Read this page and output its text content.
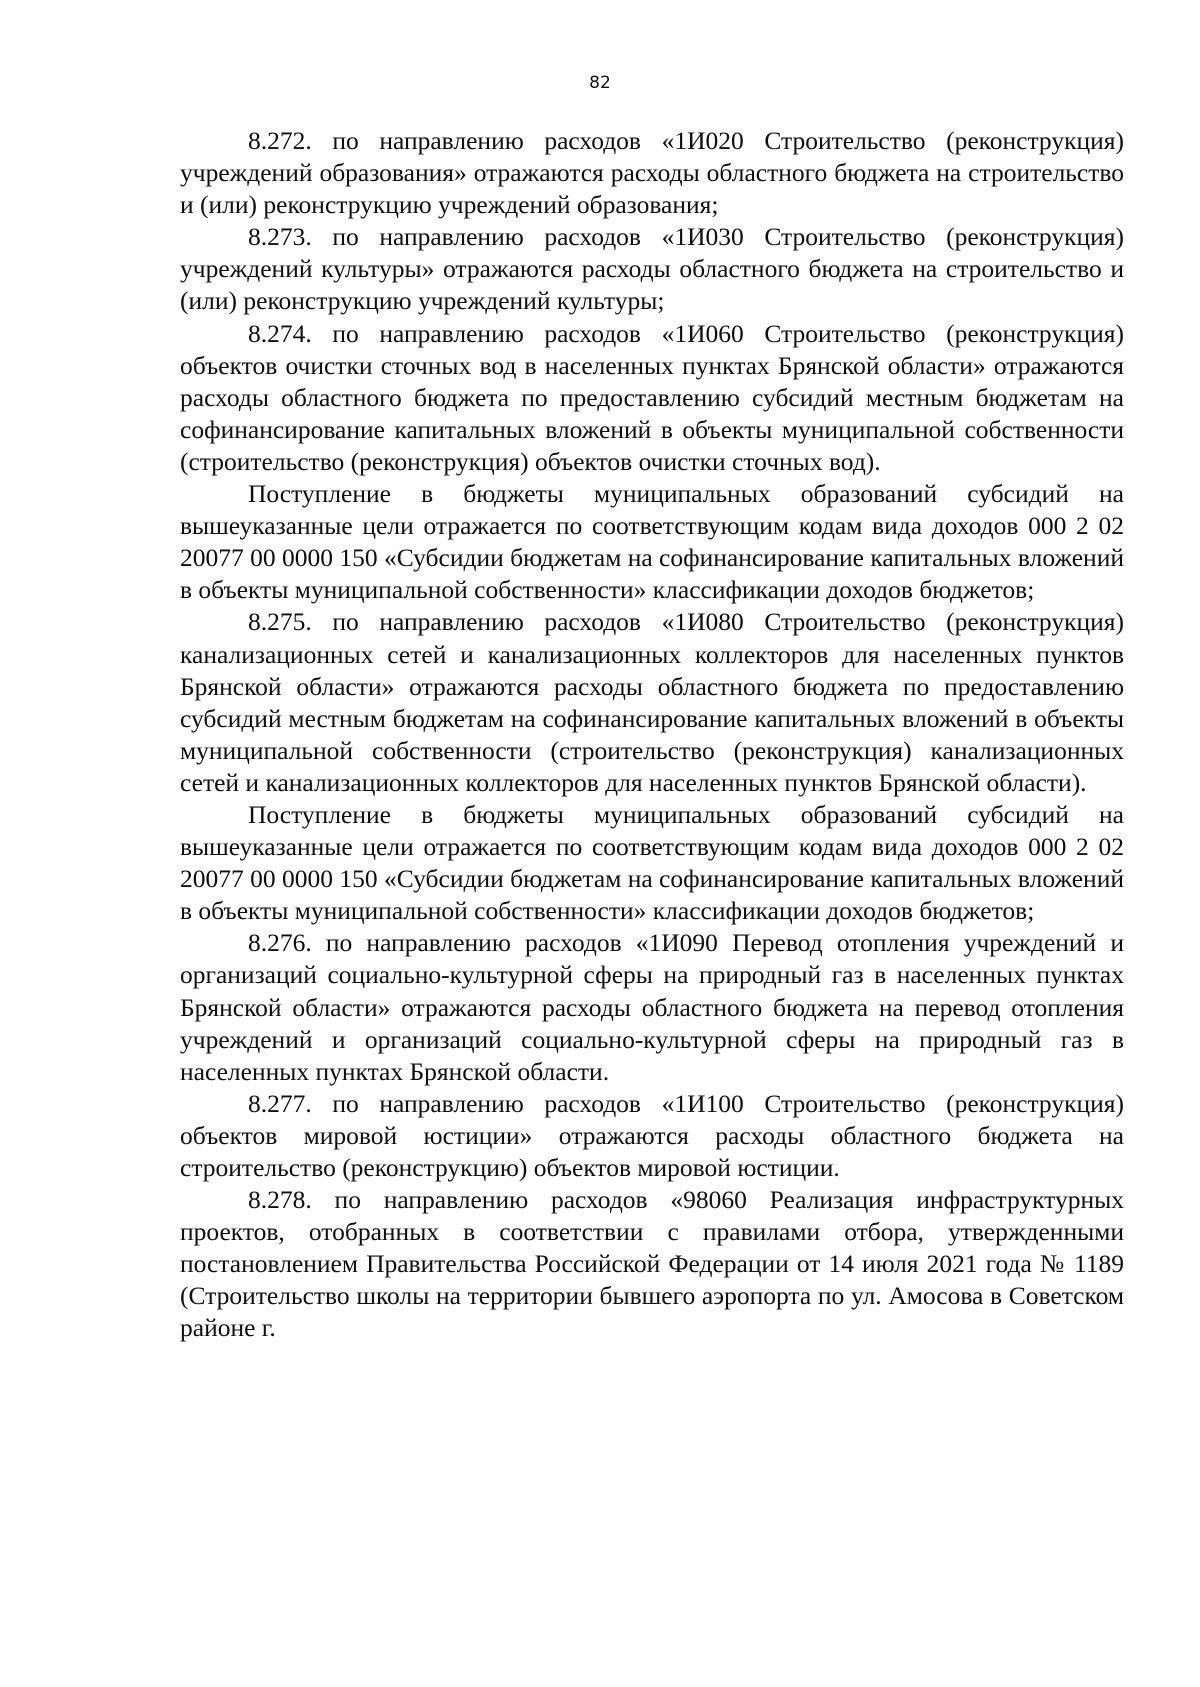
82

8.272. по направлению расходов «1И020 Строительство (реконструкция) учреждений образования» отражаются расходы областного бюджета на строительство и (или) реконструкцию учреждений образования;

8.273. по направлению расходов «1И030 Строительство (реконструкция) учреждений культуры» отражаются расходы областного бюджета на строительство и (или) реконструкцию учреждений культуры;

8.274. по направлению расходов «1И060 Строительство (реконструкция) объектов очистки сточных вод в населенных пунктах Брянской области» отражаются расходы областного бюджета по предоставлению субсидий местным бюджетам на софинансирование капитальных вложений в объекты муниципальной собственности (строительство (реконструкция) объектов очистки сточных вод).

Поступление в бюджеты муниципальных образований субсидий на вышеуказанные цели отражается по соответствующим кодам вида доходов 000 2 02 20077 00 0000 150 «Субсидии бюджетам на софинансирование капитальных вложений в объекты муниципальной собственности» классификации доходов бюджетов;

8.275. по направлению расходов «1И080 Строительство (реконструкция) канализационных сетей и канализационных коллекторов для населенных пунктов Брянской области» отражаются расходы областного бюджета по предоставлению субсидий местным бюджетам на софинансирование капитальных вложений в объекты муниципальной собственности (строительство (реконструкция) канализационных сетей и канализационных коллекторов для населенных пунктов Брянской области).

Поступление в бюджеты муниципальных образований субсидий на вышеуказанные цели отражается по соответствующим кодам вида доходов 000 2 02 20077 00 0000 150 «Субсидии бюджетам на софинансирование капитальных вложений в объекты муниципальной собственности» классификации доходов бюджетов;

8.276. по направлению расходов «1И090 Перевод отопления учреждений и организаций социально-культурной сферы на природный газ в населенных пунктах Брянской области» отражаются расходы областного бюджета на перевод отопления учреждений и организаций социально-культурной сферы на природный газ в населенных пунктах Брянской области.

8.277. по направлению расходов «1И100 Строительство (реконструкция) объектов мировой юстиции» отражаются расходы областного бюджета на строительство (реконструкцию) объектов мировой юстиции.

8.278. по направлению расходов «98060 Реализация инфраструктурных проектов, отобранных в соответствии с правилами отбора, утвержденными постановлением Правительства Российской Федерации от 14 июля 2021 года № 1189 (Строительство школы на территории бывшего аэропорта по ул. Амосова в Советском районе г.
